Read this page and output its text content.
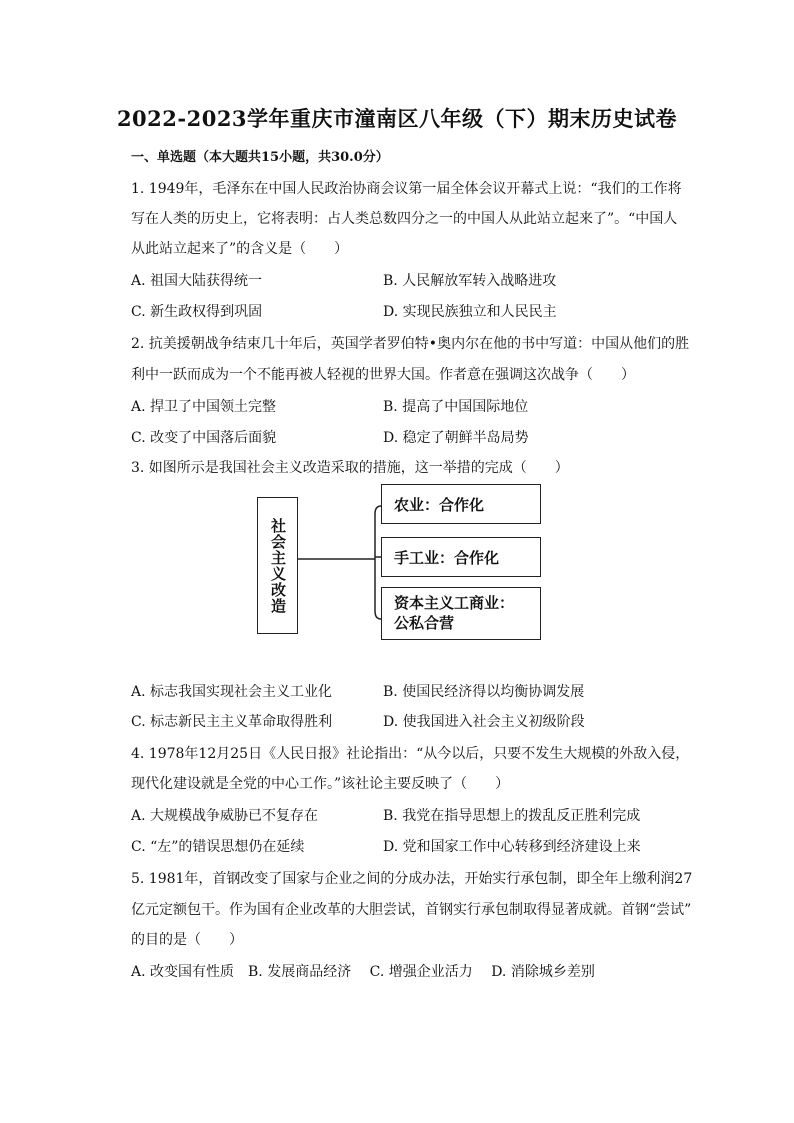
2022-2023学年重庆市潼南区八年级（下）期末历史试卷
一、单选题（本大题共15小题，共30.0分）
1. 1949年，毛泽东在中国人民政治协商会议第一届全体会议开幕式上说：“我们的工作将
写在人类的历史上，它将表明：占人类总数四分之一的中国人从此站立起来了”。“中国人
从此站立起来了”的含义是（　　）
A. 祖国大陆获得统一	B. 人民解放军转入战略进攻
C. 新生政权得到巩固	D. 实现民族独立和人民民主
2. 抗美援朝战争结束几十年后，英国学者罗伯特•奥内尔在他的书中写道：中国从他们的胜
利中一跃而成为一个不能再被人轻视的世界大国。作者意在强调这次战争（　　）
A. 捍卫了中国领土完整	B. 提高了中国国际地位
C. 改变了中国落后面貌	D. 稳定了朝鲜半岛局势
3. 如图所示是我国社会主义改造采取的措施，这一举措的完成（　　）
社会主义改造
农业：合作化
手工业：合作化
资本主义工商业：
公私合营
A. 标志我国实现社会主义工业化	B. 使国民经济得以均衡协调发展
C. 标志新民主主义革命取得胜利	D. 使我国进入社会主义初级阶段
4. 1978年12月25日《人民日报》社论指出：“从今以后，只要不发生大规模的外敌入侵，
现代化建设就是全党的中心工作。”该社论主要反映了（　　）
A. 大规模战争威胁已不复存在	B. 我党在指导思想上的拨乱反正胜利完成
C. “左”的错误思想仍在延续	D. 党和国家工作中心转移到经济建设上来
5. 1981年，首钢改变了国家与企业之间的分成办法，开始实行承包制，即全年上缴利润27
亿元定额包干。作为国有企业改革的大胆尝试，首钢实行承包制取得显著成就。首钢“尝试”
的目的是（　　）
A. 改变国有性质　B. 发展商品经济　 C. 增强企业活力　 D. 消除城乡差别
